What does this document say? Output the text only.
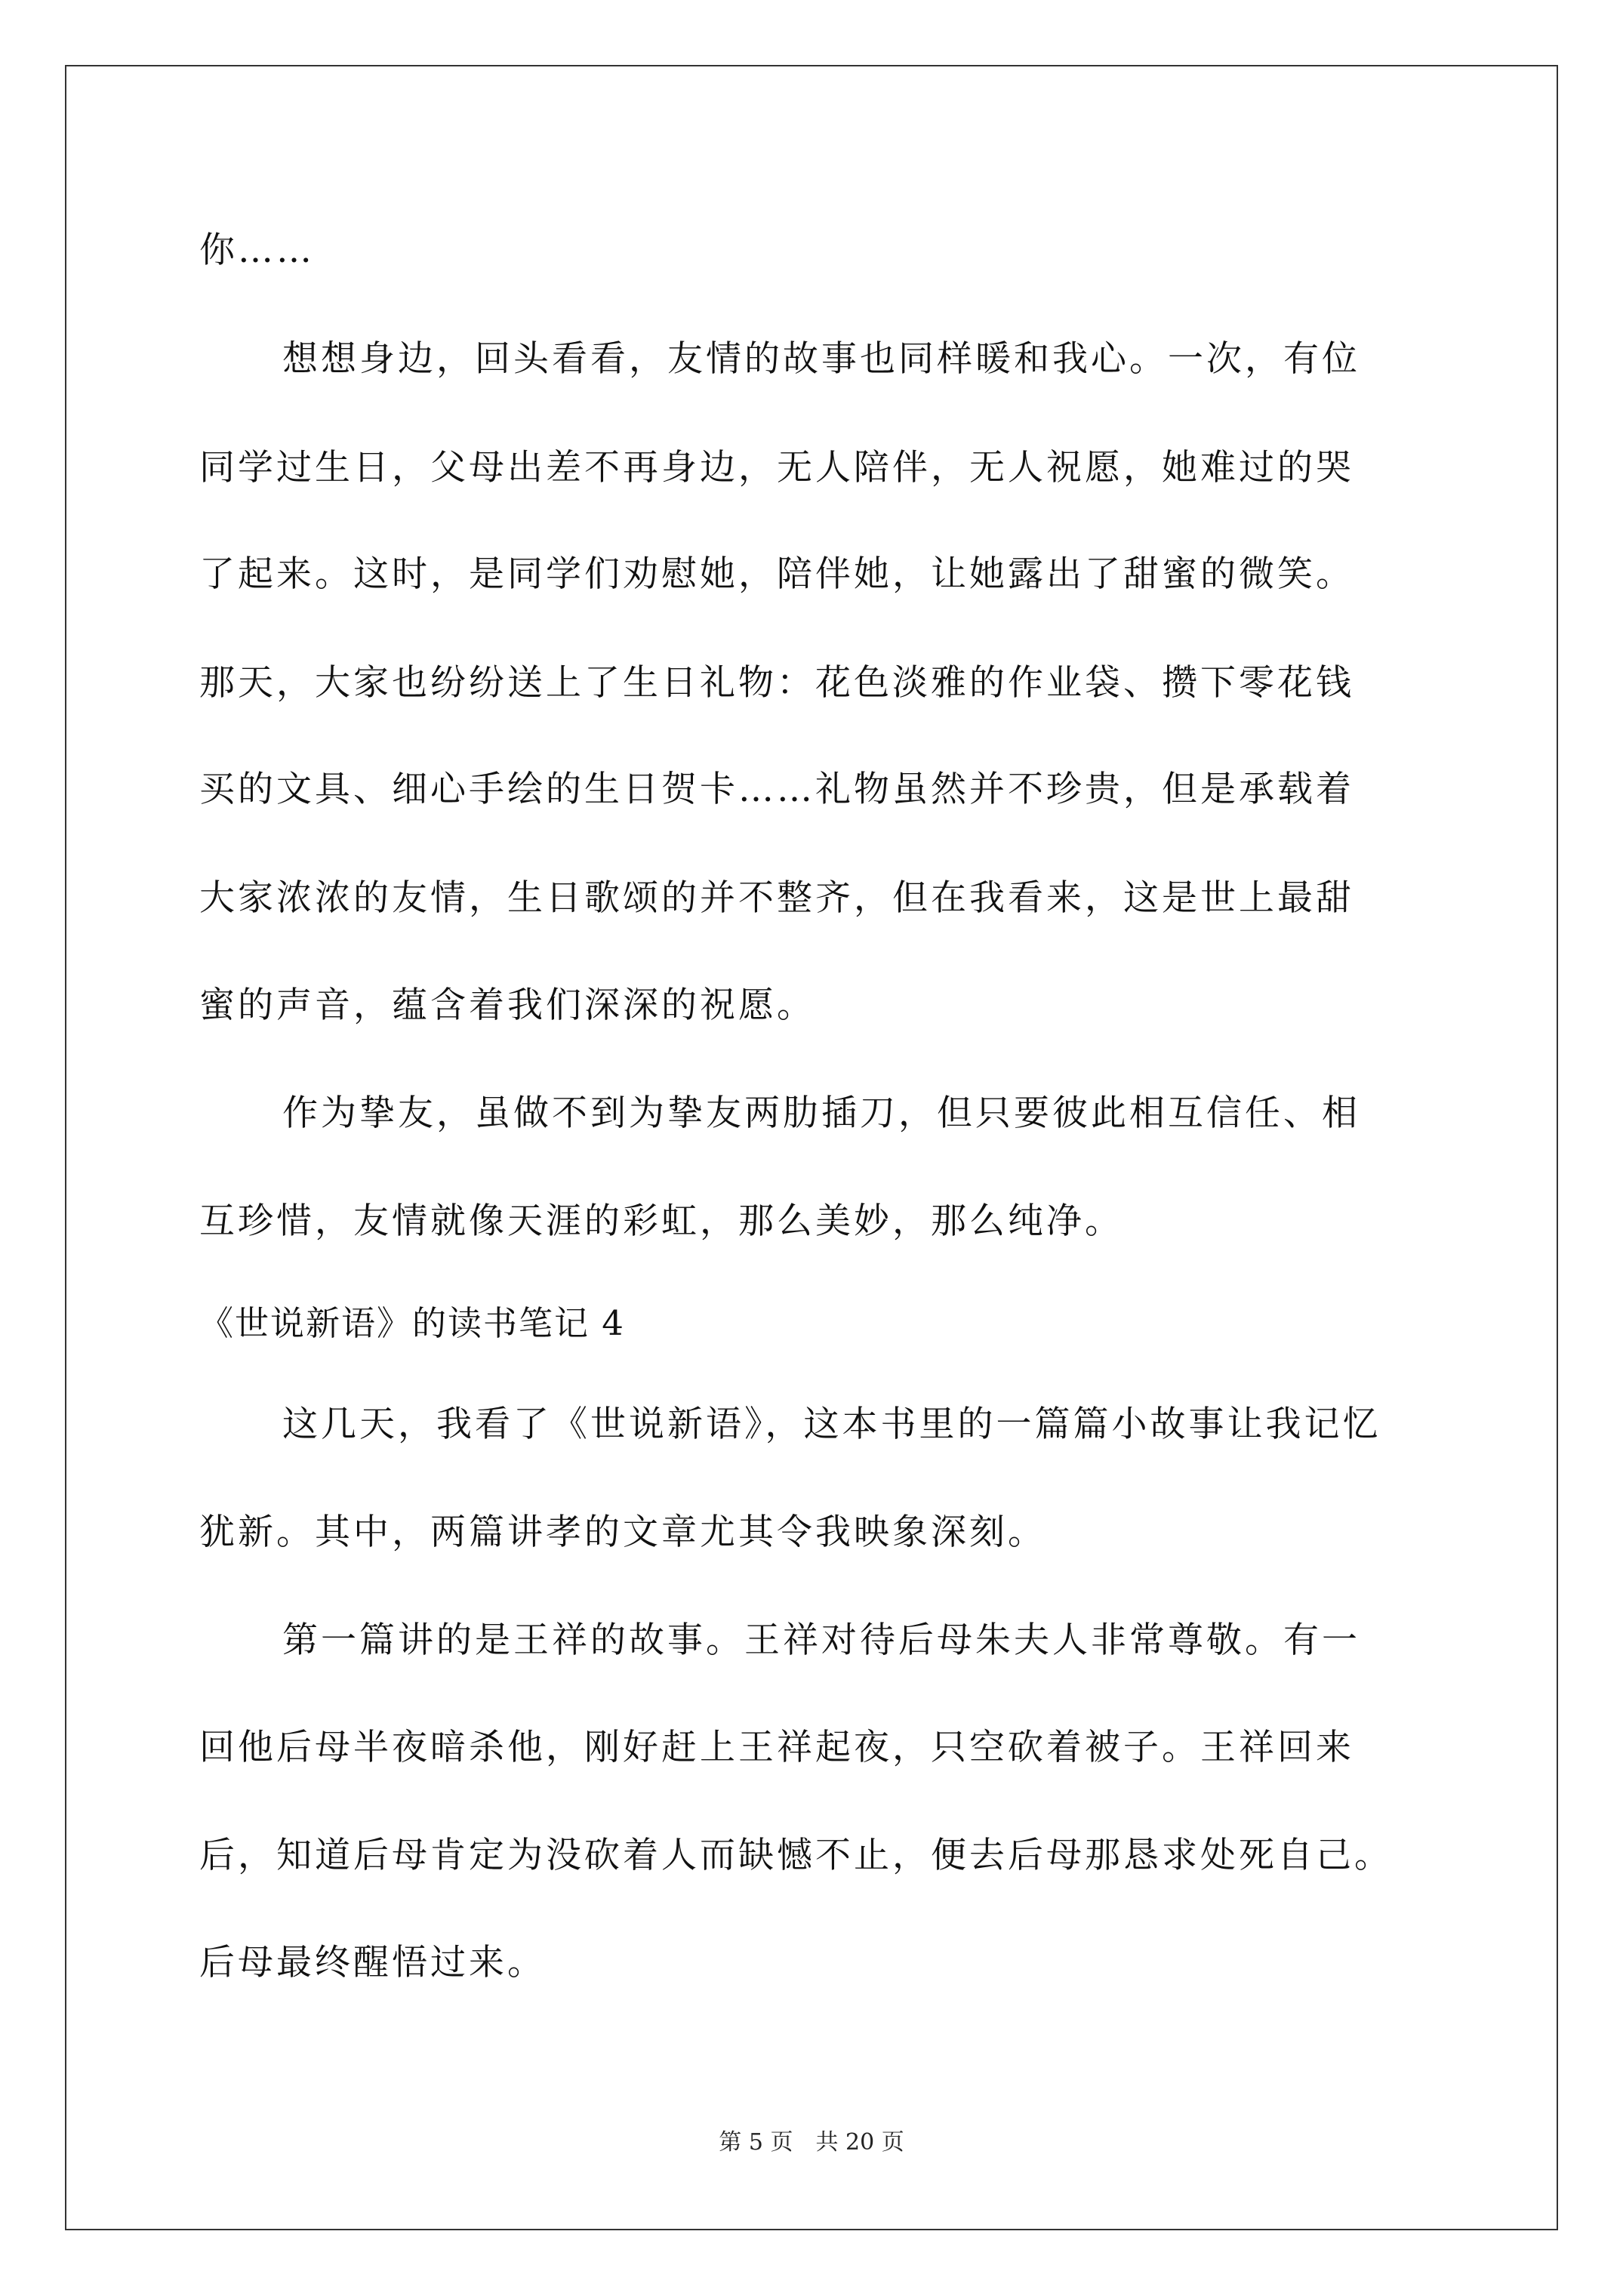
你……
想想身边，回头看看，友情的故事也同样暖和我心。一次，有位
同学过生日，父母出差不再身边，无人陪伴，无人祝愿，她难过的哭
了起来。这时，是同学们劝慰她，陪伴她，让她露出了甜蜜的微笑。
那天，大家也纷纷送上了生日礼物：花色淡雅的作业袋、攒下零花钱
买的文具、细心手绘的生日贺卡……礼物虽然并不珍贵，但是承载着
大家浓浓的友情，生日歌颂的并不整齐，但在我看来，这是世上最甜
蜜的声音，蕴含着我们深深的祝愿。
作为挚友，虽做不到为挚友两肋插刀，但只要彼此相互信任、相
互珍惜，友情就像天涯的彩虹，那么美妙，那么纯净。
《世说新语》的读书笔记 4
这几天，我看了《世说新语》，这本书里的一篇篇小故事让我记忆
犹新。其中，两篇讲孝的文章尤其令我映象深刻。
第一篇讲的是王祥的故事。王祥对待后母朱夫人非常尊敬。有一
回他后母半夜暗杀他，刚好赶上王祥起夜，只空砍着被子。王祥回来
后，知道后母肯定为没砍着人而缺憾不止，便去后母那恳求处死自己。
后母最终醒悟过来。
第 5 页　共 20 页
